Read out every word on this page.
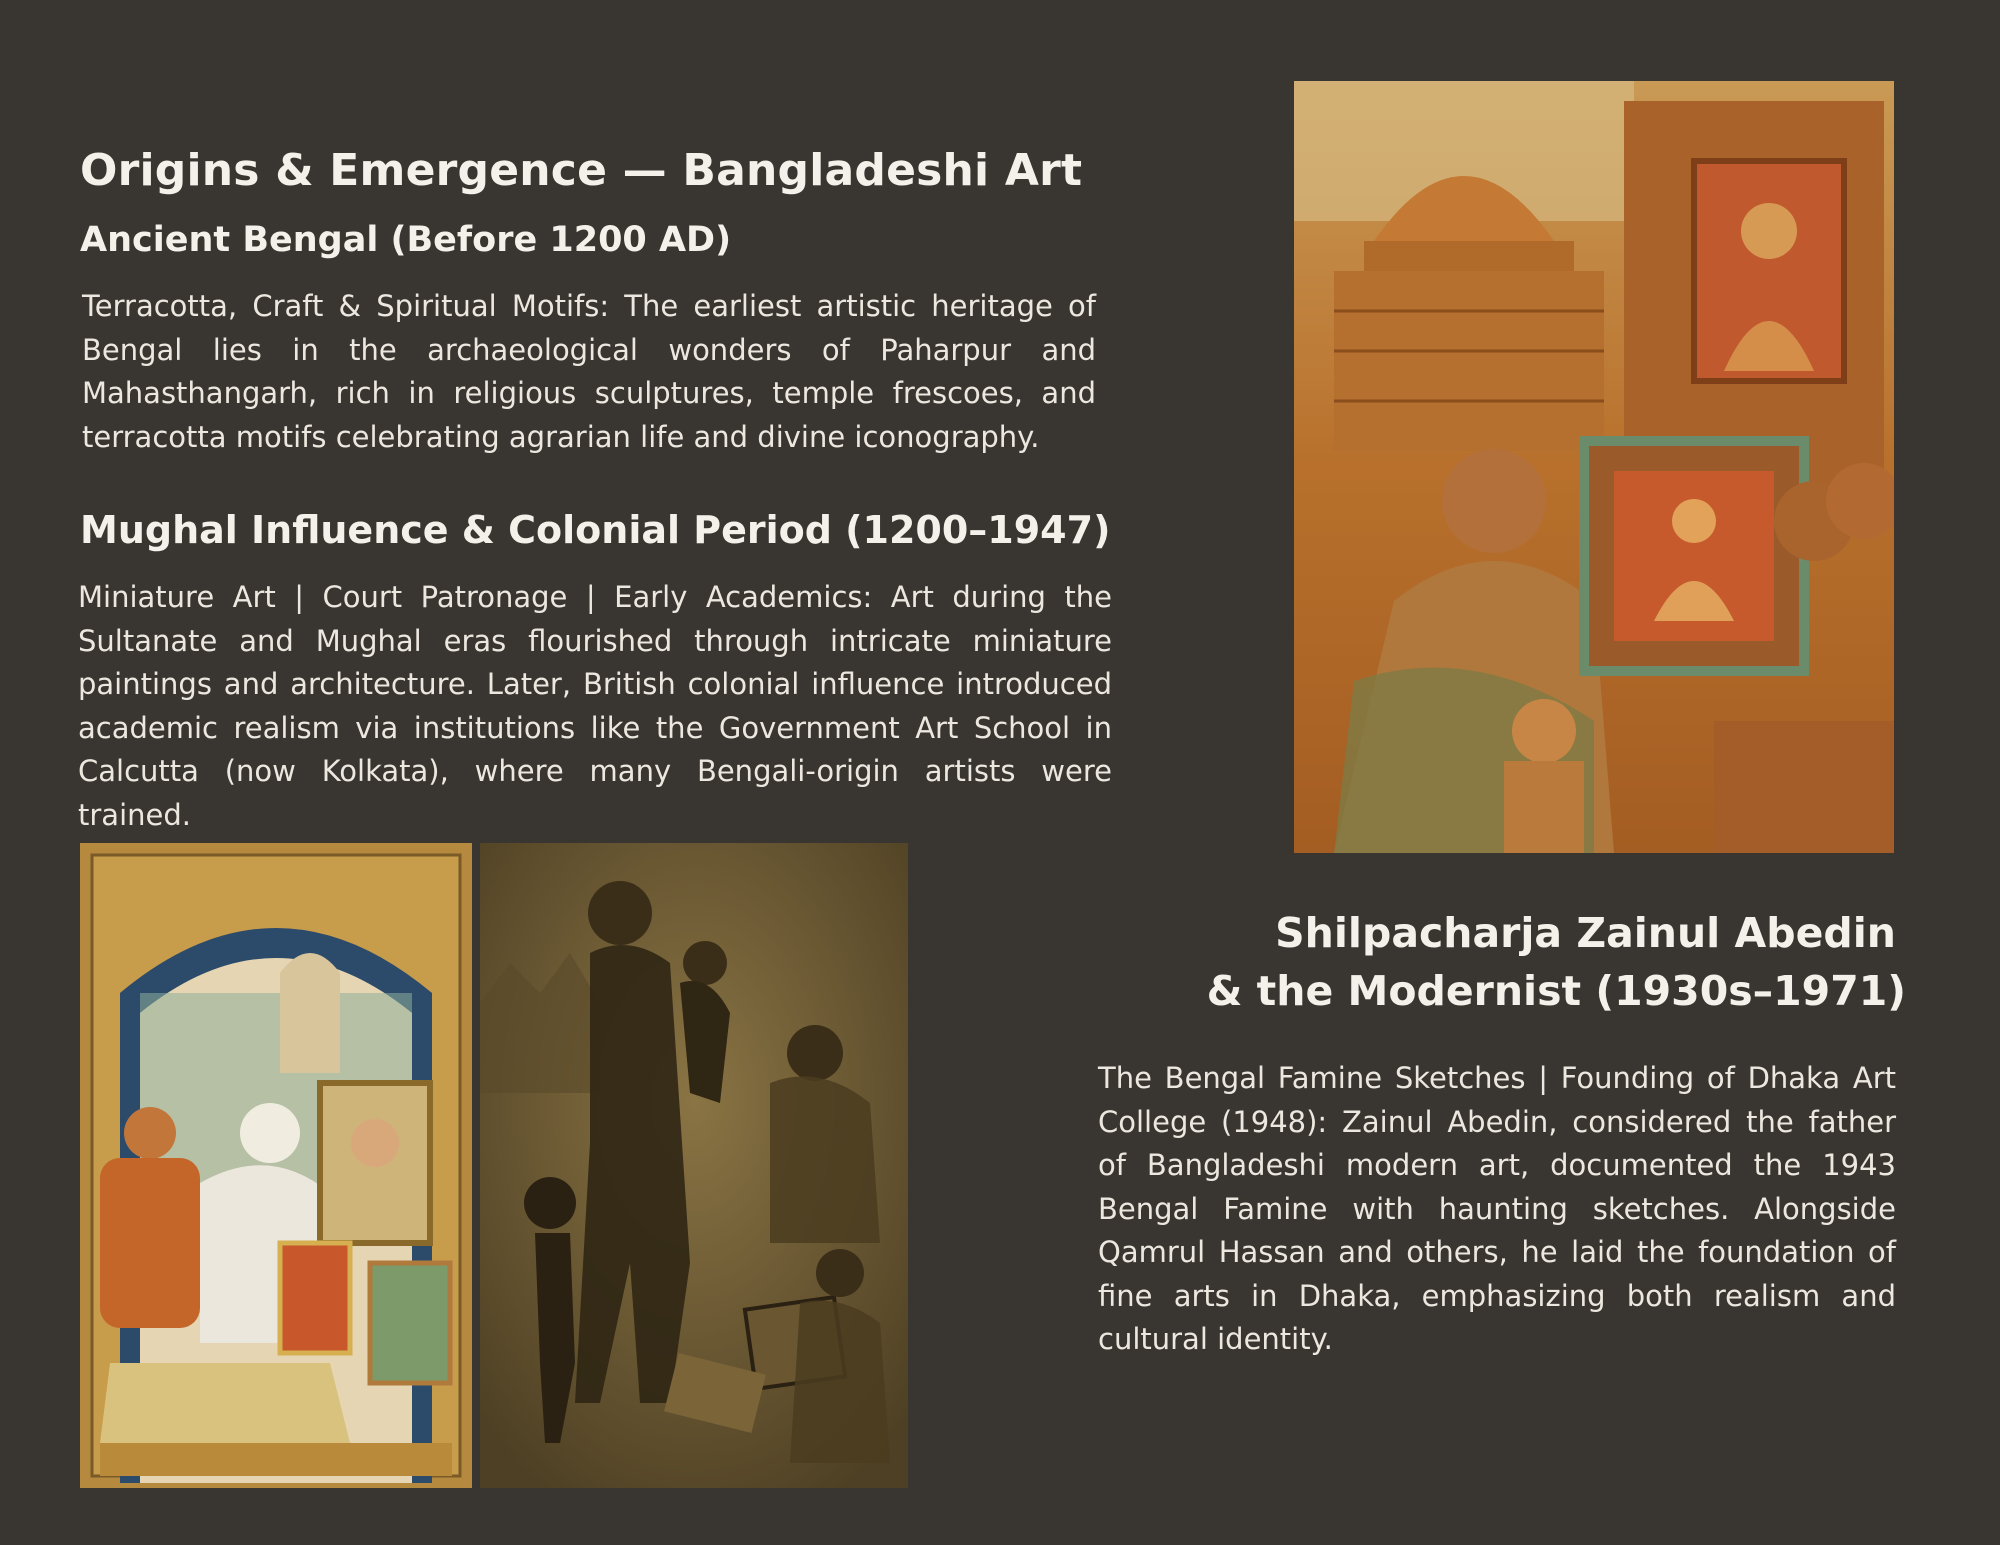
Origins & Emergence — Bangladeshi Art
Ancient Bengal (Before 1200 AD)

Terracotta, Craft & Spiritual Motifs: The earliest artistic heritage of Bengal lies in the archaeological wonders of Paharpur and Mahasthangarh, rich in religious sculptures, temple frescoes, and terracotta motifs celebrating agrarian life and divine iconography.

Mughal Influence & Colonial Period (1200–1947)

Miniature Art | Court Patronage | Early Academics: Art during the Sultanate and Mughal eras flourished through intricate miniature paintings and architecture. Later, British colonial influence introduced academic realism via institutions like the Government Art School in Calcutta (now Kolkata), where many Bengali-origin artists were trained.

Shilpacharja Zainul Abedin
& the Modernist (1930s–1971)

The Bengal Famine Sketches | Founding of Dhaka Art College (1948): Zainul Abedin, considered the father of Bangladeshi modern art, documented the 1943 Bengal Famine with haunting sketches. Alongside Qamrul Hassan and others, he laid the foundation of fine arts in Dhaka, emphasizing both realism and cultural identity.
